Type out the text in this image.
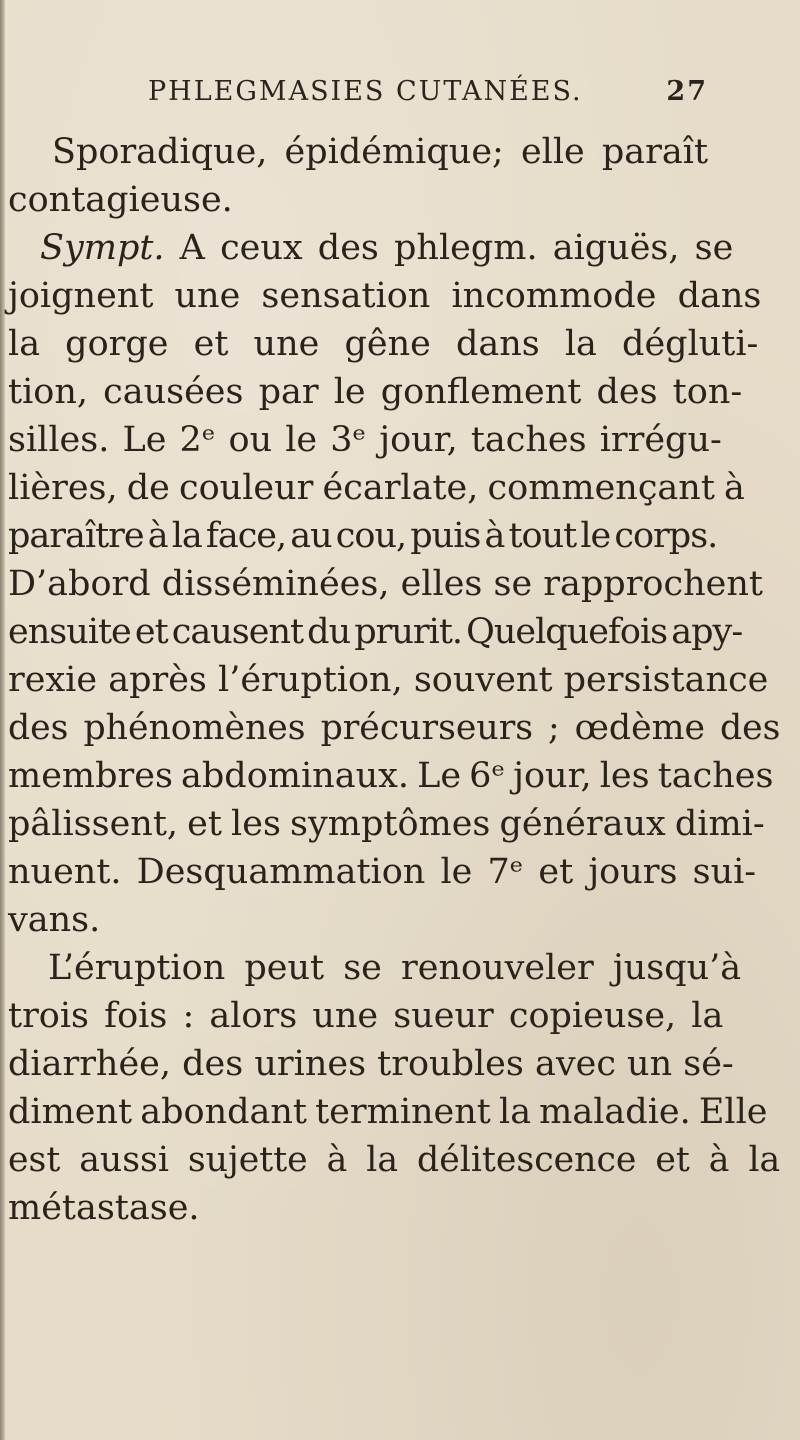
PHLEGMASIES CUTANÉES.	27
Sporadique, épidémique; elle paraît
contagieuse.
Sympt. A ceux des phlegm. aiguës, se
joignent une sensation incommode dans
la gorge et une gêne dans la dégluti-
tion, causées par le gonflement des ton-
silles. Le 2ᵉ ou le 3ᵉ jour, taches irrégu-
lières, de couleur écarlate, commençant à
paraître à la face, au cou, puis à tout le corps.
D’abord disséminées, elles se rapprochent
ensuite et causent du prurit. Quelquefois apy-
rexie après l’éruption, souvent persistance
des phénomènes précurseurs ; œdème des
membres abdominaux. Le 6ᵉ jour, les taches
pâlissent, et les symptômes généraux dimi-
nuent. Desquammation le 7ᵉ et jours sui-
vans.
L’éruption peut se renouveler jusqu’à
trois fois : alors une sueur copieuse, la
diarrhée, des urines troubles avec un sé-
diment abondant terminent la maladie. Elle
est aussi sujette à la délitescence et à la
métastase.
